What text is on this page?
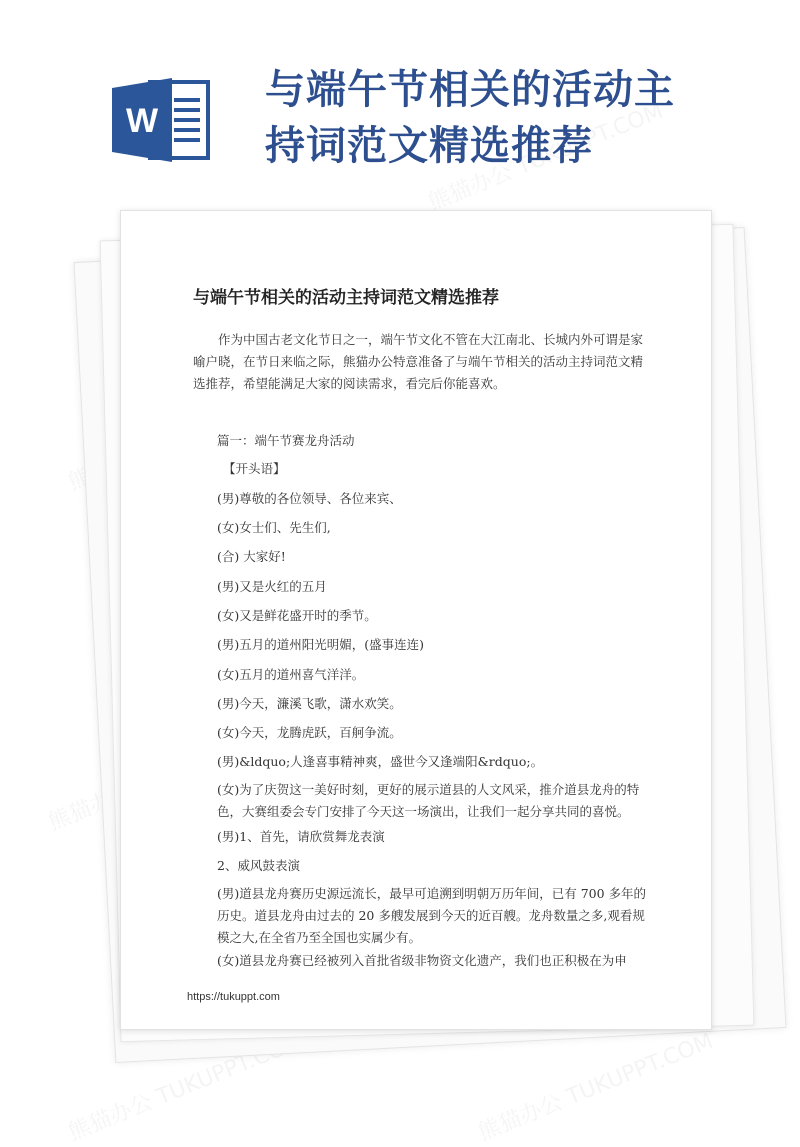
W
与端午节相关的活动主
持词范文精选推荐
与端午节相关的活动主持词范文精选推荐

作为中国古老文化节日之一，端午节文化不管在大江南北、长城内外可谓是家喻户晓，在节日来临之际，熊猫办公特意准备了与端午节相关的活动主持词范文精选推荐，希望能满足大家的阅读需求，看完后你能喜欢。

篇一：端午节赛龙舟活动

【开头语】

(男)尊敬的各位领导、各位来宾、

(女)女士们、先生们,

(合) 大家好!

(男)又是火红的五月

(女)又是鲜花盛开时的季节。

(男)五月的道州阳光明媚，(盛事连连)

(女)五月的道州喜气洋洋。

(男)今天，濂溪飞歌，潇水欢笑。

(女)今天，龙腾虎跃，百舸争流。

(男)&ldquo;人逢喜事精神爽，盛世今又逢端阳&rdquo;。

(女)为了庆贺这一美好时刻，更好的展示道县的人文风采，推介道县龙舟的特色，大赛组委会专门安排了今天这一场演出，让我们一起分享共同的喜悦。

(男)1、首先，请欣赏舞龙表演

2、威风鼓表演

(男)道县龙舟赛历史源远流长，最早可追溯到明朝万历年间，已有 700 多年的历史。道县龙舟由过去的 20 多艘发展到今天的近百艘。龙舟数量之多,观看规模之大,在全省乃至全国也实属少有。

(女)道县龙舟赛已经被列入首批省级非物资文化遗产，我们也正积极在为申

https://tukuppt.com
